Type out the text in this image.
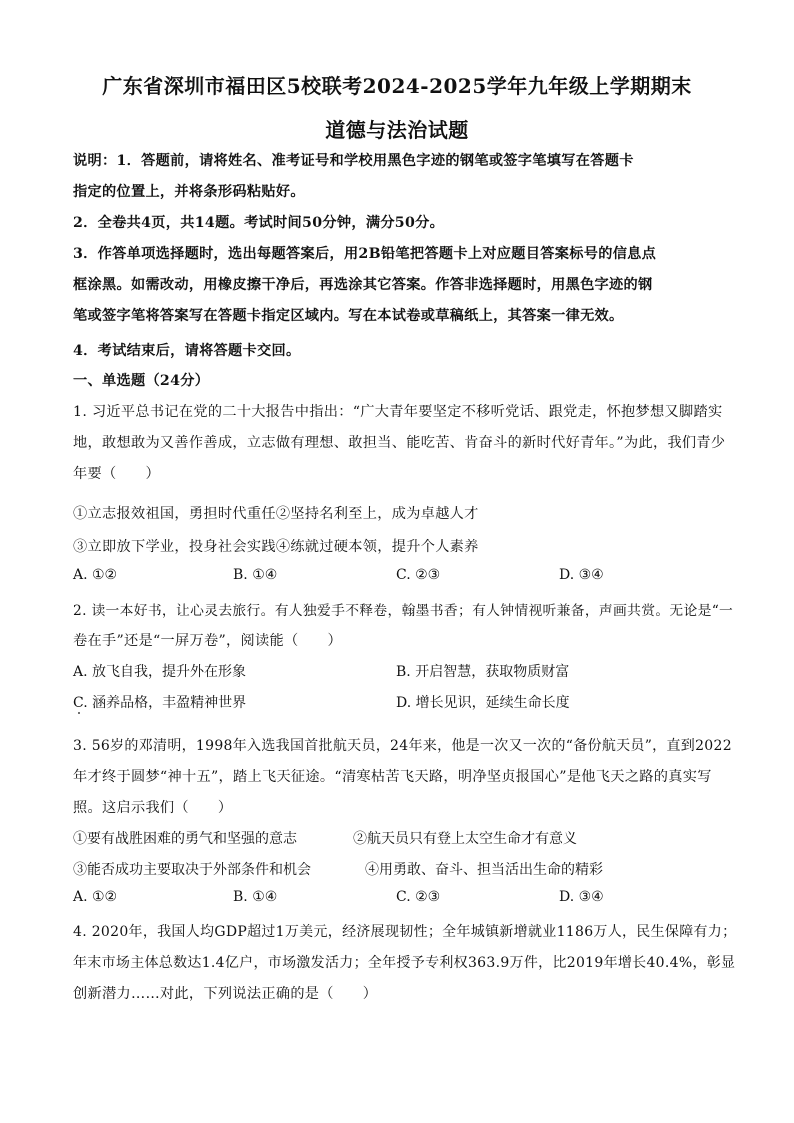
广东省深圳市福田区5校联考2024-2025学年九年级上学期期末
道德与法治试题
说明：1．答题前，请将姓名、准考证号和学校用黑色字迹的钢笔或签字笔填写在答题卡
指定的位置上，并将条形码粘贴好。
2．全卷共4页，共14题。考试时间50分钟，满分50分。
3．作答单项选择题时，选出每题答案后，用2B铅笔把答题卡上对应题目答案标号的信息点
框涂黑。如需改动，用橡皮擦干净后，再选涂其它答案。作答非选择题时，用黑色字迹的钢
笔或签字笔将答案写在答题卡指定区域内。写在本试卷或草稿纸上，其答案一律无效。
4．考试结束后，请将答题卡交回。
一、单选题（24分）
1. 习近平总书记在党的二十大报告中指出：“广大青年要坚定不移听党话、跟党走，怀抱梦想又脚踏实
地，敢想敢为又善作善成，立志做有理想、敢担当、能吃苦、肯奋斗的新时代好青年。”为此，我们青少
年要（　　）
①立志报效祖国，勇担时代重任②坚持名利至上，成为卓越人才
③立即放下学业，投身社会实践④练就过硬本领，提升个人素养
A. ①②	B. ①④	C. ②③	D. ③④
2. 读一本好书，让心灵去旅行。有人独爱手不释卷，翰墨书香；有人钟情视听兼备，声画共赏。无论是“一
卷在手”还是“一屏万卷”，阅读能（　　）
A. 放飞自我，提升外在形象	B. 开启智慧，获取物质财富
C. 涵养品格，丰盈精神世界	D. 增长见识，延续生命长度
3. 56岁的邓清明，1998年入选我国首批航天员，24年来，他是一次又一次的“备份航天员”，直到2022
年才终于圆梦“神十五”，踏上飞天征途。“清寒枯苦飞天路，明净坚贞报国心”是他飞天之路的真实写
照。这启示我们（　　）
①要有战胜困难的勇气和坚强的意志	②航天员只有登上太空生命才有意义
③能否成功主要取决于外部条件和机会	④用勇敢、奋斗、担当活出生命的精彩
A. ①②	B. ①④	C. ②③	D. ③④
4. 2020年，我国人均GDP超过1万美元，经济展现韧性；全年城镇新增就业1186万人，民生保障有力；
年末市场主体总数达1.4亿户，市场激发活力；全年授予专利权363.9万件，比2019年增长40.4%，彰显
创新潜力……对此，下列说法正确的是（　　）
